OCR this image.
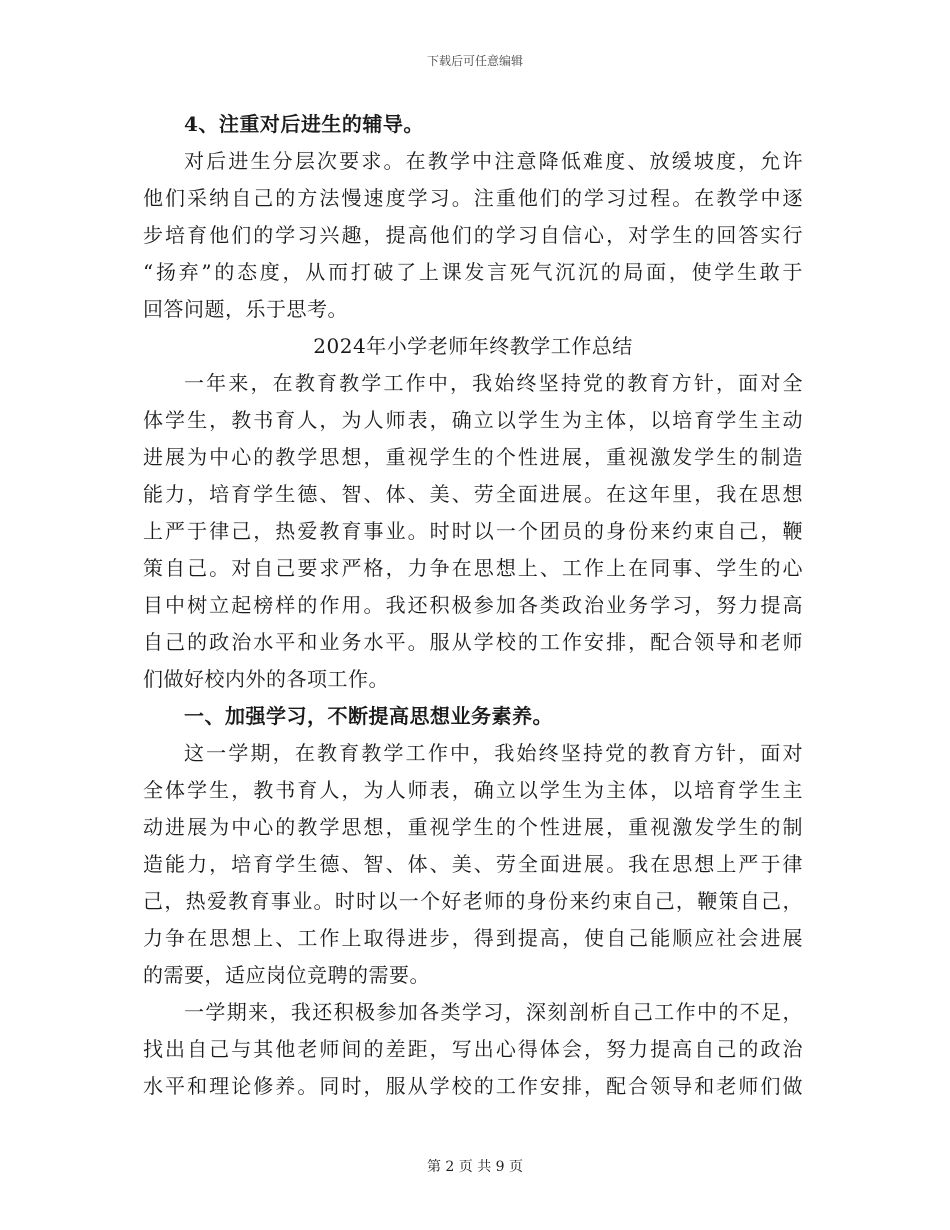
下载后可任意编辑
4、注重对后进生的辅导。
对后进生分层次要求。在教学中注意降低难度、放缓坡度，允许
他们采纳自己的方法慢速度学习。注重他们的学习过程。在教学中逐
步培育他们的学习兴趣，提高他们的学习自信心，对学生的回答实行
“扬弃”的态度，从而打破了上课发言死气沉沉的局面，使学生敢于
回答问题，乐于思考。
2024年小学老师年终教学工作总结
一年来，在教育教学工作中，我始终坚持党的教育方针，面对全
体学生，教书育人，为人师表，确立以学生为主体，以培育学生主动
进展为中心的教学思想，重视学生的个性进展，重视激发学生的制造
能力，培育学生德、智、体、美、劳全面进展。在这年里，我在思想
上严于律己，热爱教育事业。时时以一个团员的身份来约束自己，鞭
策自己。对自己要求严格，力争在思想上、工作上在同事、学生的心
目中树立起榜样的作用。我还积极参加各类政治业务学习，努力提高
自己的政治水平和业务水平。服从学校的工作安排，配合领导和老师
们做好校内外的各项工作。
一、加强学习，不断提高思想业务素养。
这一学期，在教育教学工作中，我始终坚持党的教育方针，面对
全体学生，教书育人，为人师表，确立以学生为主体，以培育学生主
动进展为中心的教学思想，重视学生的个性进展，重视激发学生的制
造能力，培育学生德、智、体、美、劳全面进展。我在思想上严于律
己，热爱教育事业。时时以一个好老师的身份来约束自己，鞭策自己，
力争在思想上、工作上取得进步，得到提高，使自己能顺应社会进展
的需要，适应岗位竞聘的需要。
一学期来，我还积极参加各类学习，深刻剖析自己工作中的不足，
找出自己与其他老师间的差距，写出心得体会，努力提高自己的政治
水平和理论修养。同时，服从学校的工作安排，配合领导和老师们做
第 2 页 共 9 页
